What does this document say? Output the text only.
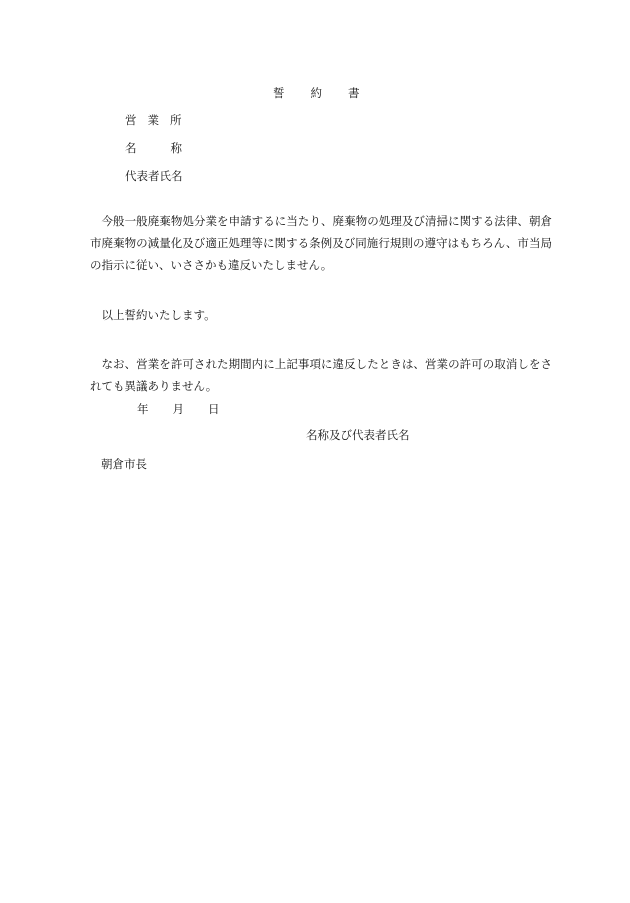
誓 約 書
営 業 所
名	称
代表者氏名
今般一般廃棄物処分業を申請するに当たり、廃棄物の処理及び清掃に関する法律、朝倉市廃棄物の減量化及び適正処理等に関する条例及び同施行規則の遵守はもちろん、市当局の指示に従い、いささかも違反いたしません。
以上誓約いたします。
なお、営業を許可された期間内に上記事項に違反したときは、営業の許可の取消しをされても異議ありません。
年 月 日
名称及び代表者氏名
朝倉市長
